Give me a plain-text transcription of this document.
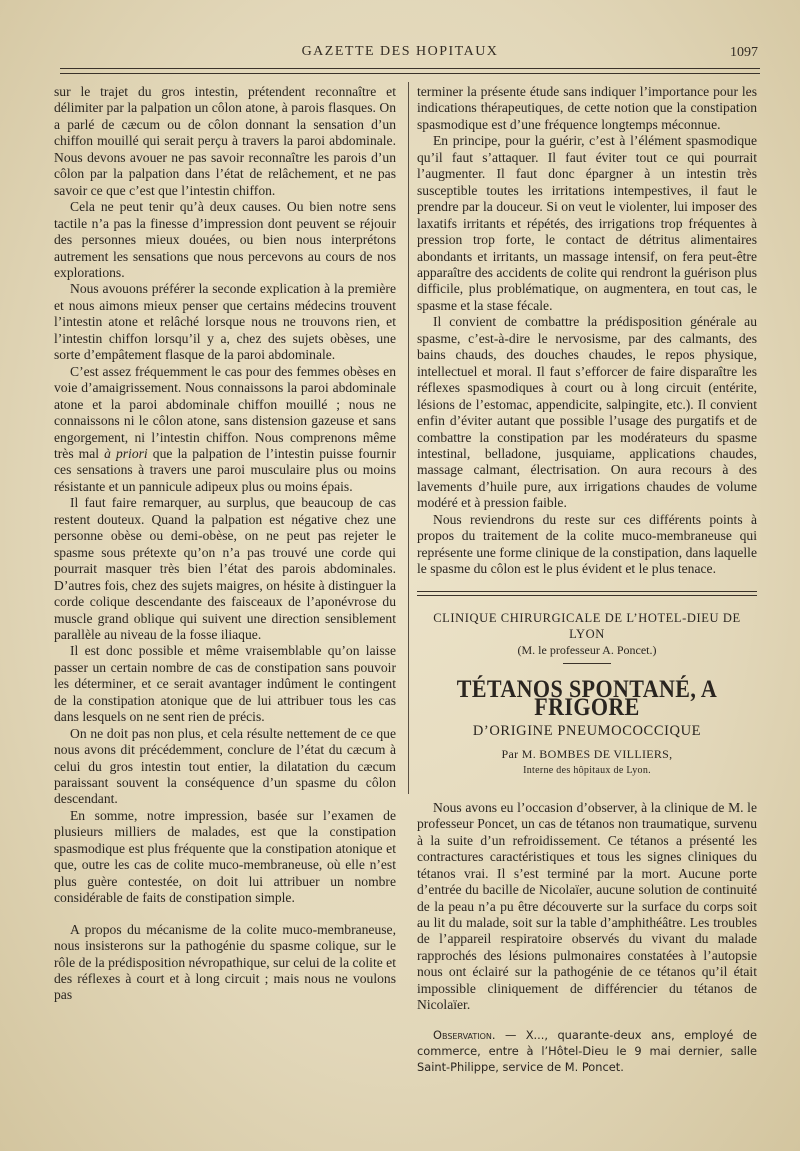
GAZETTE DES HOPITAUX	1097

sur le trajet du gros intestin, prétendent reconnaître et délimiter par la palpation un côlon atone, à parois flasques. On a parlé de cæcum ou de côlon donnant la sensation d’un chiffon mouillé qui serait perçu à travers la paroi abdominale. Nous devons avouer ne pas savoir reconnaître les parois d’un côlon par la palpation dans l’état de relâchement, et ne pas savoir ce que c’est que l’intestin chiffon.

Cela ne peut tenir qu’à deux causes. Ou bien notre sens tactile n’a pas la finesse d’impression dont peuvent se réjouir des personnes mieux douées, ou bien nous interprétons autrement les sensations que nous percevons au cours de nos explorations.

Nous avouons préférer la seconde explication à la première et nous aimons mieux penser que certains médecins trouvent l’intestin atone et relâché lorsque nous ne trouvons rien, et l’intestin chiffon lorsqu’il y a, chez des sujets obèses, une sorte d’empâtement flasque de la paroi abdominale.

C’est assez fréquemment le cas pour des femmes obèses en voie d’amaigrissement. Nous connaissons la paroi abdominale atone et la paroi abdominale chiffon mouillé ; nous ne connaissons ni le côlon atone, sans distension gazeuse et sans engorgement, ni l’intestin chiffon. Nous comprenons même très mal à priori que la palpation de l’intestin puisse fournir ces sensations à travers une paroi musculaire plus ou moins résistante et un pannicule adipeux plus ou moins épais.

Il faut faire remarquer, au surplus, que beaucoup de cas restent douteux. Quand la palpation est négative chez une personne obèse ou demi-obèse, on ne peut pas rejeter le spasme sous prétexte qu’on n’a pas trouvé une corde qui pourrait masquer très bien l’état des parois abdominales. D’autres fois, chez des sujets maigres, on hésite à distinguer la corde colique descendante des faisceaux de l’aponévrose du muscle grand oblique qui suivent une direction sensiblement parallèle au niveau de la fosse iliaque.

Il est donc possible et même vraisemblable qu’on laisse passer un certain nombre de cas de constipation sans pouvoir les déterminer, et ce serait avantager indûment le contingent de la constipation atonique que de lui attribuer tous les cas dans lesquels on ne sent rien de précis.

On ne doit pas non plus, et cela résulte nettement de ce que nous avons dit précédemment, conclure de l’état du cæcum à celui du gros intestin tout entier, la dilatation du cæcum paraissant souvent la conséquence d’un spasme du côlon descendant.

En somme, notre impression, basée sur l’examen de plusieurs milliers de malades, est que la constipation spasmodique est plus fréquente que la constipation atonique et que, outre les cas de colite muco-membraneuse, où elle n’est plus guère contestée, on doit lui attribuer un nombre considérable de faits de constipation simple.

A propos du mécanisme de la colite muco-membraneuse, nous insisterons sur la pathogénie du spasme colique, sur le rôle de la prédisposition névropathique, sur celui de la colite et des réflexes à court et à long circuit ; mais nous ne voulons pas

terminer la présente étude sans indiquer l’importance pour les indications thérapeutiques, de cette notion que la constipation spasmodique est d’une fréquence longtemps méconnue.

En principe, pour la guérir, c’est à l’élément spasmodique qu’il faut s’attaquer. Il faut éviter tout ce qui pourrait l’augmenter. Il faut donc épargner à un intestin très susceptible toutes les irritations intempestives, il faut le prendre par la douceur. Si on veut le violenter, lui imposer des laxatifs irritants et répétés, des irrigations trop fréquentes à pression trop forte, le contact de détritus alimentaires abondants et irritants, un massage intensif, on fera peut-être apparaître des accidents de colite qui rendront la guérison plus difficile, plus problématique, on augmentera, en tout cas, le spasme et la stase fécale.

Il convient de combattre la prédisposition générale au spasme, c’est-à-dire le nervosisme, par des calmants, des bains chauds, des douches chaudes, le repos physique, intellectuel et moral. Il faut s’efforcer de faire disparaître les réflexes spasmodiques à court ou à long circuit (entérite, lésions de l’estomac, appendicite, salpingite, etc.). Il convient enfin d’éviter autant que possible l’usage des purgatifs et de combattre la constipation par les modérateurs du spasme intestinal, belladone, jusquiame, applications chaudes, massage calmant, électrisation. On aura recours à des lavements d’huile pure, aux irrigations chaudes de volume modéré et à pression faible.

Nous reviendrons du reste sur ces différents points à propos du traitement de la colite muco-membraneuse qui représente une forme clinique de la constipation, dans laquelle le spasme du côlon est le plus évident et le plus tenace.

CLINIQUE CHIRURGICALE DE L’HOTEL-DIEU DE LYON
(M. le professeur A. Poncet.)
TÉTANOS SPONTANÉ, A FRIGORE
D’ORIGINE PNEUMOCOCCIQUE
Par M. BOMBES DE VILLIERS,
Interne des hôpitaux de Lyon.

Nous avons eu l’occasion d’observer, à la clinique de M. le professeur Poncet, un cas de tétanos non traumatique, survenu à la suite d’un refroidissement. Ce tétanos a présenté les contractures caractéristiques et tous les signes cliniques du tétanos vrai. Il s’est terminé par la mort. Aucune porte d’entrée du bacille de Nicolaïer, aucune solution de continuité de la peau n’a pu être découverte sur la surface du corps soit au lit du malade, soit sur la table d’amphithéâtre. Les troubles de l’appareil respiratoire observés du vivant du malade rapprochés des lésions pulmonaires constatées à l’autopsie nous ont éclairé sur la pathogénie de ce tétanos qu’il était impossible cliniquement de différencier du tétanos de Nicolaïer.

Observation. — X..., quarante-deux ans, employé de commerce, entre à l’Hôtel-Dieu le 9 mai dernier, salle Saint-Philippe, service de M. Poncet.
